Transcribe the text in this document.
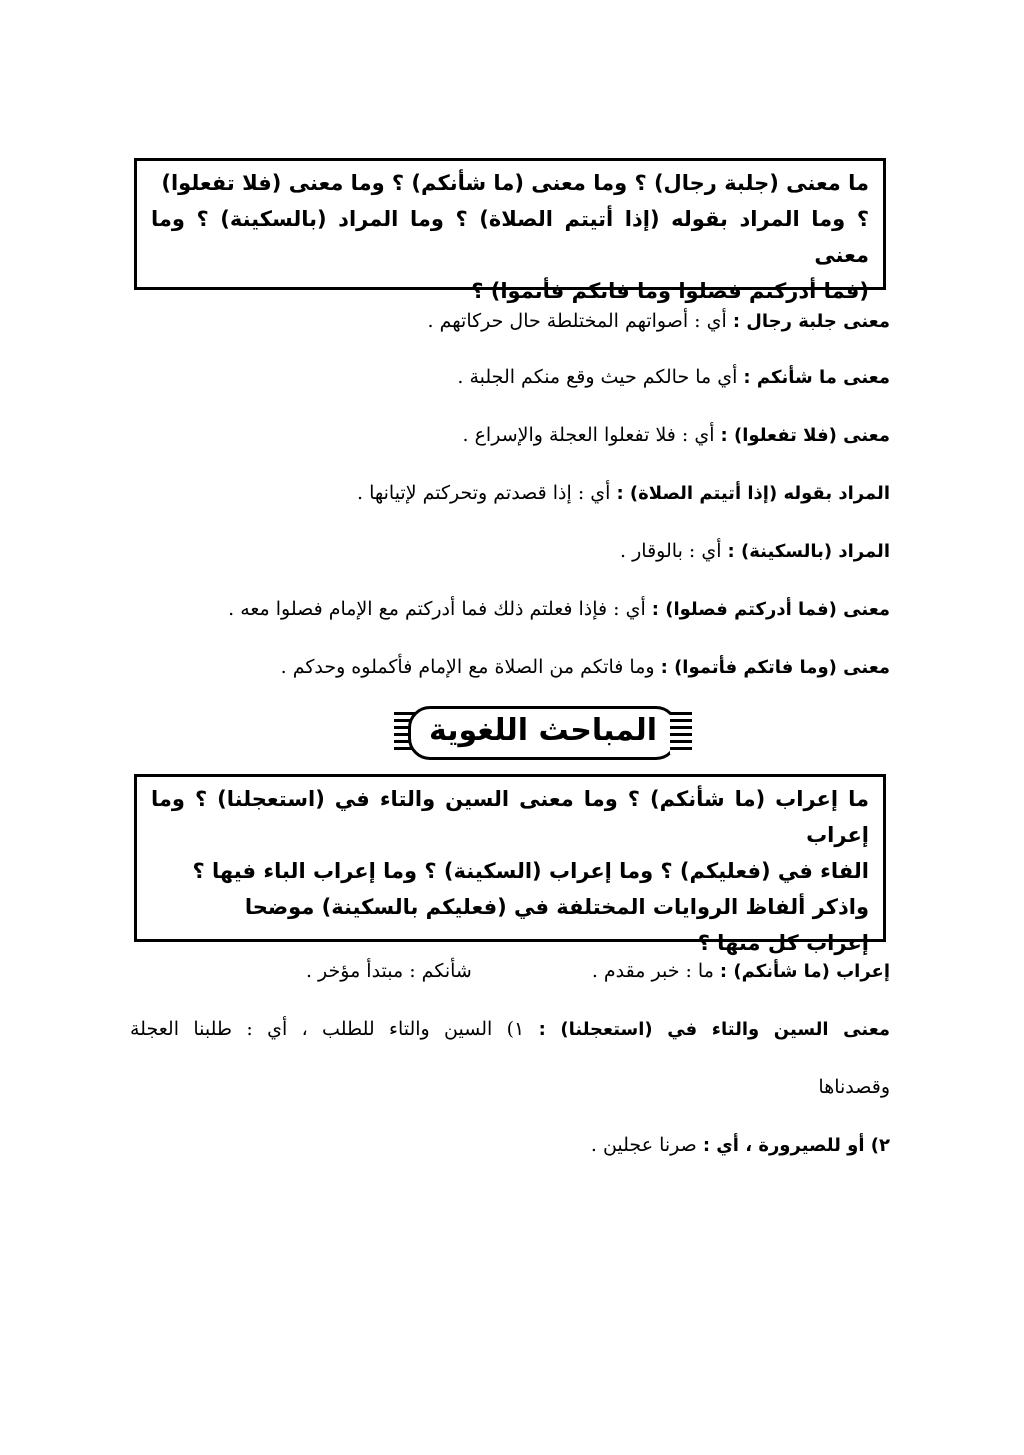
ما معنى (جلبة رجال) ؟ وما معنى (ما شأنكم) ؟ وما معنى (فلا تفعلوا)

؟ وما المراد بقوله (إذا أتيتم الصلاة) ؟ وما المراد (بالسكينة) ؟ وما معنى

(فما أدركتم فصلوا وما فاتكم فأتموا) ؟

معنى جلبة رجال : أي : أصواتهم المختلطة حال حركاتهم .
معنى ما شأنكم : أي ما حالكم حيث وقع منكم الجلبة .
معنى (فلا تفعلوا) : أي : فلا تفعلوا العجلة والإسراع .
المراد بقوله (إذا أتيتم الصلاة) : أي : إذا قصدتم وتحركتم لإتيانها .
المراد (بالسكينة) : أي : بالوقار .
معنى (فما أدركتم فصلوا) : أي : فإذا فعلتم ذلك فما أدركتم مع الإمام فصلوا معه .
معنى (وما فاتكم فأتموا) : وما فاتكم من الصلاة مع الإمام فأكملوه وحدكم .
المباحث اللغوية

ما إعراب (ما شأنكم) ؟ وما معنى السين والتاء في (استعجلنا) ؟ وما إعراب

الفاء في (فعليكم) ؟ وما إعراب (السكينة) ؟ وما إعراب الباء فيها ؟

واذكر ألفاظ الروايات المختلفة في (فعليكم بالسكينة) موضحا

إعراب كل منها ؟

إعراب (ما شأنكم) : ما : خبر مقدم .شأنكم : مبتدأ مؤخر .
معنى السين والتاء في (استعجلنا) : ١) السين والتاء للطلب ، أي : طلبنا العجلة
وقصدناها
٢) أو للصيرورة ، أي : صرنا عجلين .
